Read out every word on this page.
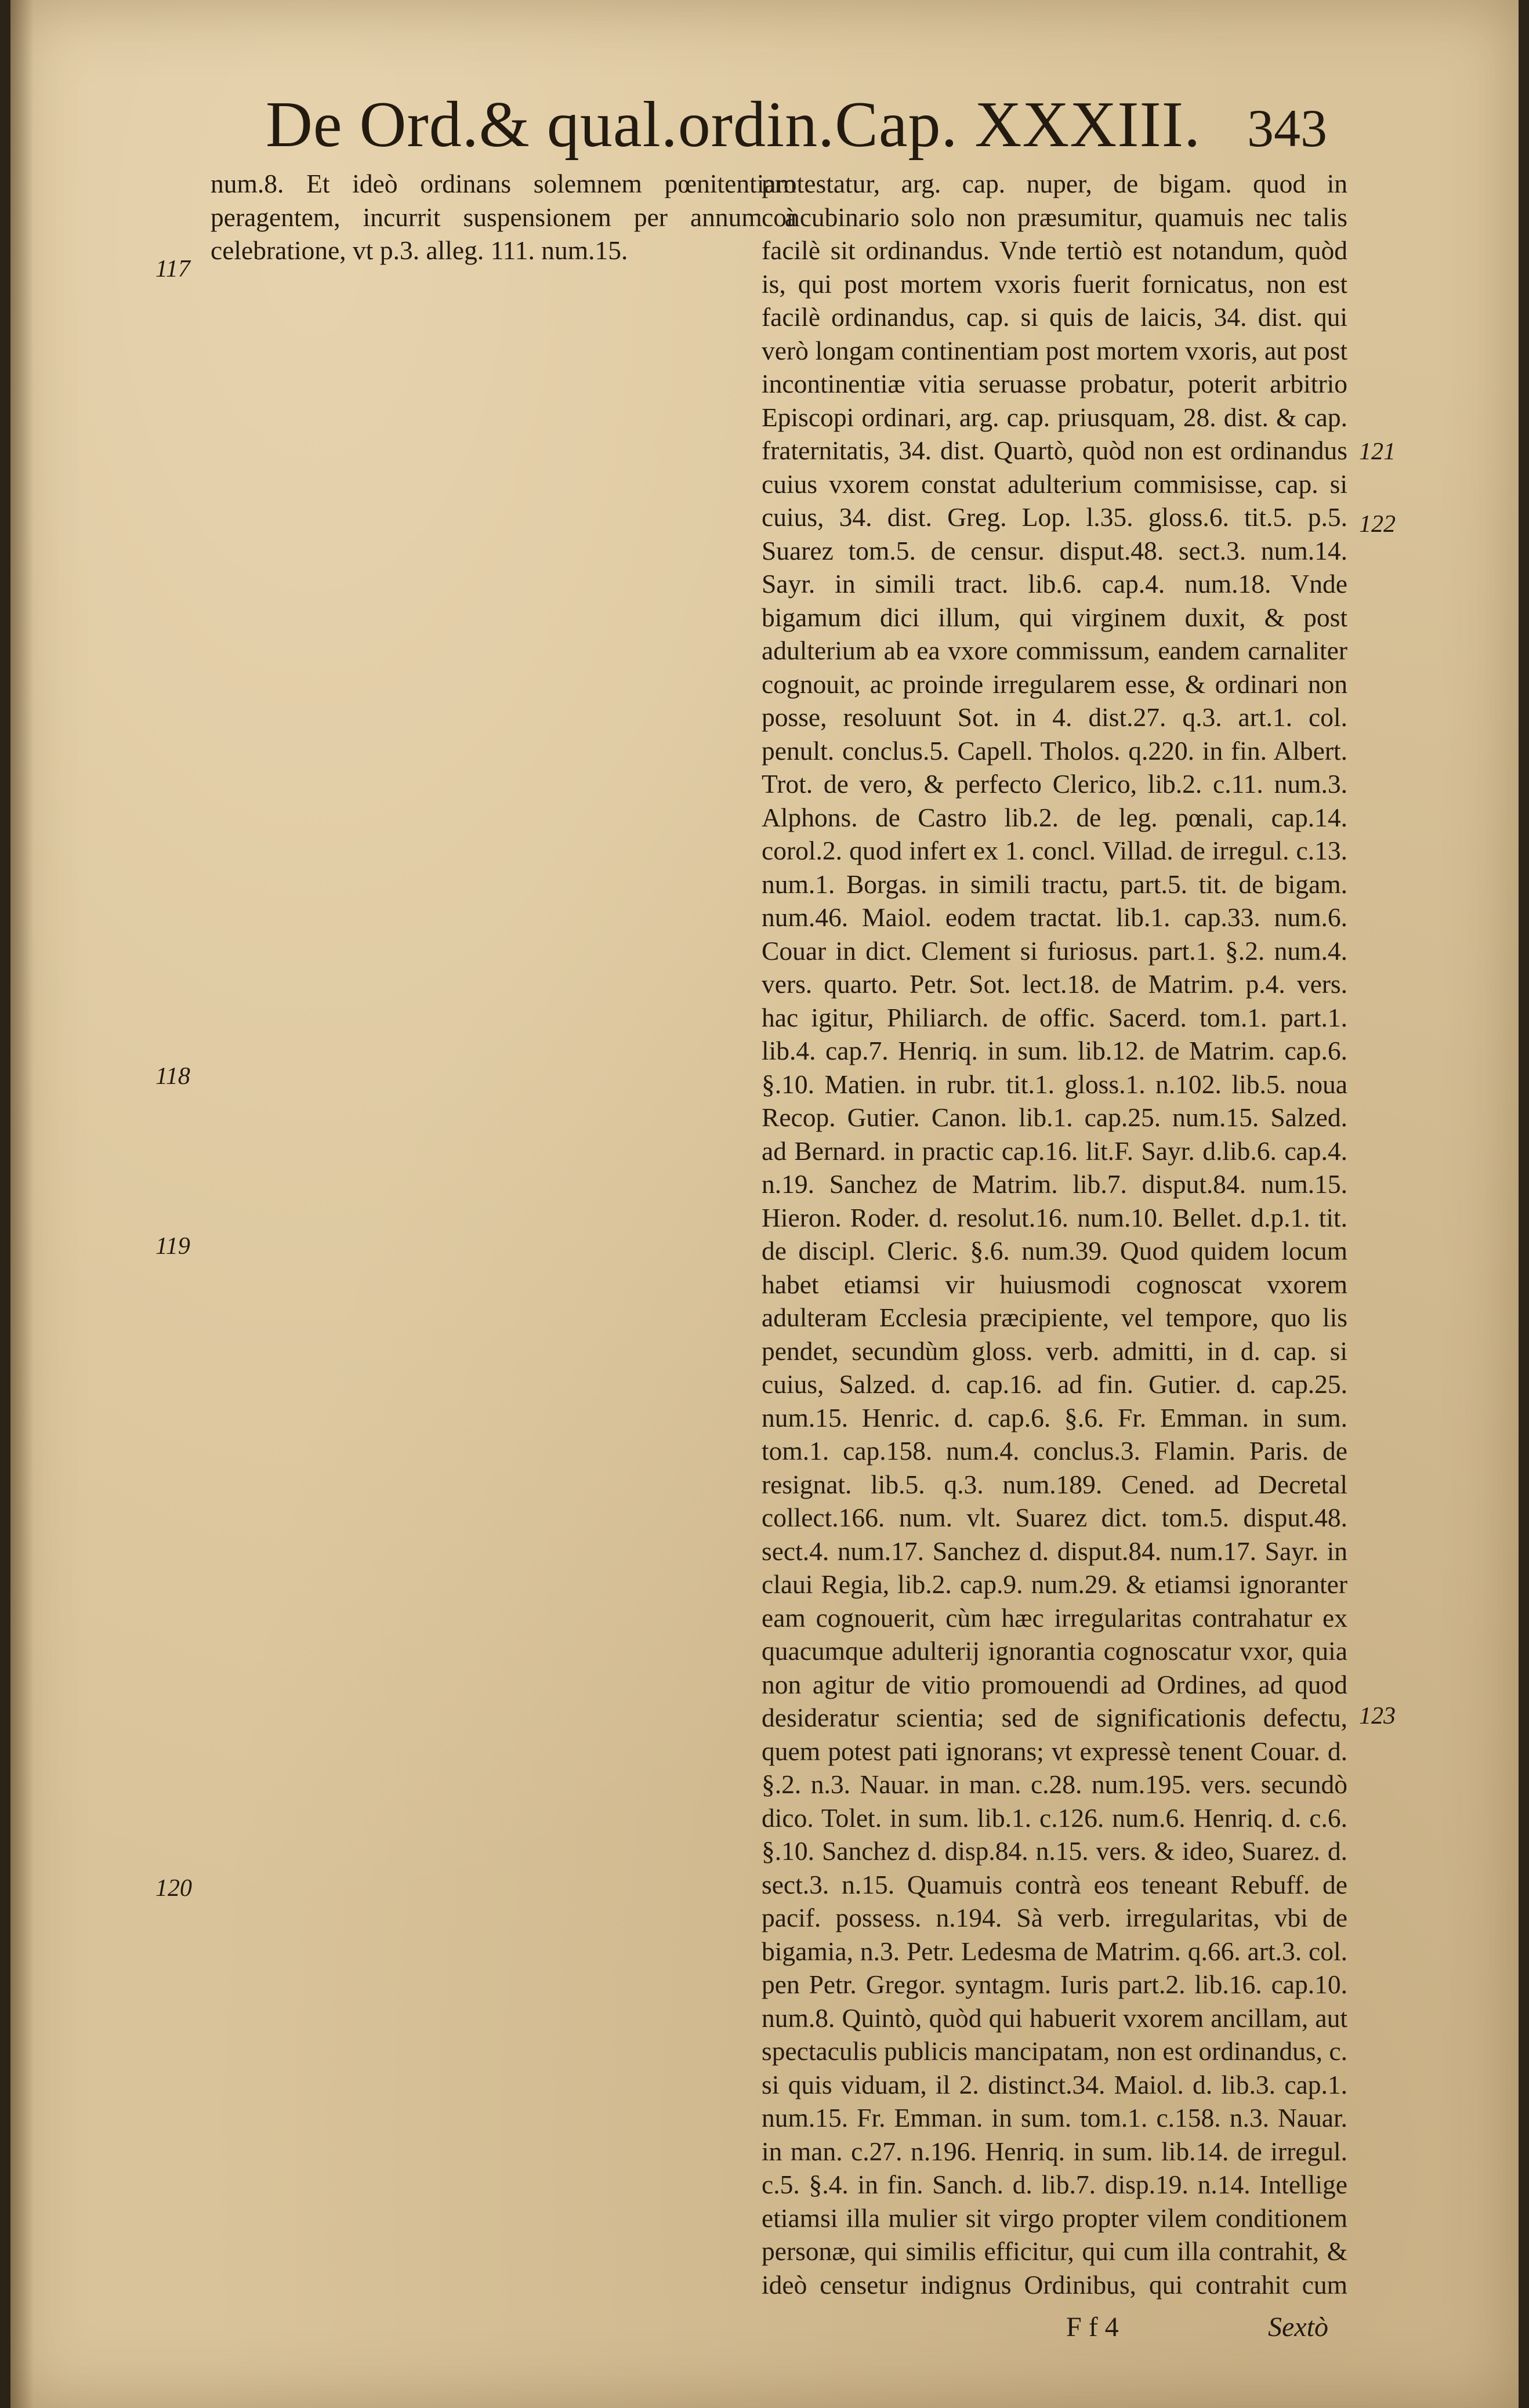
De Ord.& qual.ordin.Cap. XXXIII. 343
117
118
119
120
121
122
123

num.8. Et ideò ordinans solemnem pœnitentiam peragentem, incurrit suspensionem per annum à celebratione, vt p.3. alleg. 111. num.15.

protestatur, arg. cap. nuper, de bigam. quod in concubinario solo non præsumitur, quamuis nec talis facilè sit ordinandus. Vnde tertiò est notandum, quòd is, qui post mortem vxoris fuerit fornicatus, non est facilè ordinandus, cap. si quis de laicis, 34. dist. qui verò longam continentiam post mortem vxoris, aut post incontinentiæ vitia seruasse probatur, poterit arbitrio Episcopi ordinari, arg. cap. priusquam, 28. dist. & cap. fraternitatis, 34. dist. Quartò, quòd non est ordinandus cuius vxorem constat adulterium commisisse, cap. si cuius, 34. dist. Greg. Lop. l.35. gloss.6. tit.5. p.5. Suarez tom.5. de censur. disput.48. sect.3. num.14. Sayr. in simili tract. lib.6. cap.4. num.18. Vnde bigamum dici illum, qui virginem duxit, & post adulterium ab ea vxore commissum, eandem carnaliter cognouit, ac proinde irregularem esse, & ordinari non posse, resoluunt Sot. in 4. dist.27. q.3. art.1. col. penult. conclus.5. Capell. Tholos. q.220. in fin. Albert. Trot. de vero, & perfecto Clerico, lib.2. c.11. num.3. Alphons. de Castro lib.2. de leg. pœnali, cap.14. corol.2. quod infert ex 1. concl. Villad. de irregul. c.13. num.1. Borgas. in simili tractu, part.5. tit. de bigam. num.46. Maiol. eodem tractat. lib.1. cap.33. num.6. Couar in dict. Clement si furiosus. part.1. §.2. num.4. vers. quarto. Petr. Sot. lect.18. de Matrim. p.4. vers. hac igitur, Philiarch. de offic. Sacerd. tom.1. part.1. lib.4. cap.7. Henriq. in sum. lib.12. de Matrim. cap.6. §.10. Matien. in rubr. tit.1. gloss.1. n.102. lib.5. noua Recop. Gutier. Canon. lib.1. cap.25. num.15. Salzed. ad Bernard. in practic cap.16. lit.F. Sayr. d.lib.6. cap.4. n.19. Sanchez de Matrim. lib.7. disput.84. num.15. Hieron. Roder. d. resolut.16. num.10. Bellet. d.p.1. tit. de discipl. Cleric. §.6. num.39. Quod quidem locum habet etiamsi vir huiusmodi cognoscat vxorem adulteram Ecclesia præcipiente, vel tempore, quo lis pendet, secundùm gloss. verb. admitti, in d. cap. si cuius, Salzed. d. cap.16. ad fin. Gutier. d. cap.25. num.15. Henric. d. cap.6. §.6. Fr. Emman. in sum. tom.1. cap.158. num.4. conclus.3. Flamin. Paris. de resignat. lib.5. q.3. num.189. Cened. ad Decretal collect.166. num. vlt. Suarez dict. tom.5. disput.48. sect.4. num.17. Sanchez d. disput.84. num.17. Sayr. in claui Regia, lib.2. cap.9. num.29. & etiamsi ignoranter eam cognouerit, cùm hæc irregularitas contrahatur ex quacumque adulterij ignorantia cognoscatur vxor, quia non agitur de vitio promouendi ad Ordines, ad quod desideratur scientia; sed de significationis defectu, quem potest pati ignorans; vt expressè tenent Couar. d. §.2. n.3. Nauar. in man. c.28. num.195. vers. secundò dico. Tolet. in sum. lib.1. c.126. num.6. Henriq. d. c.6. §.10. Sanchez d. disp.84. n.15. vers. & ideo, Suarez. d. sect.3. n.15. Quamuis contrà eos teneant Rebuff. de pacif. possess. n.194. Sà verb. irregularitas, vbi de bigamia, n.3. Petr. Ledesma de Matrim. q.66. art.3. col. pen Petr. Gregor. syntagm. Iuris part.2. lib.16. cap.10. num.8. Quintò, quòd qui habuerit vxorem ancillam, aut spectaculis publicis mancipatam, non est ordinandus, c. si quis viduam, il 2. distinct.34. Maiol. d. lib.3. cap.1. num.15. Fr. Emman. in sum. tom.1. c.158. n.3. Nauar. in man. c.27. n.196. Henriq. in sum. lib.14. de irregul. c.5. §.4. in fin. Sanch. d. lib.7. disp.19. n.14. Intellige etiamsi illa mulier sit virgo propter vilem conditionem personæ, qui similis efficitur, qui cum illa contrahit, & ideò censetur indignus Ordinibus, qui contrahit cum

F f 4	Sextò
